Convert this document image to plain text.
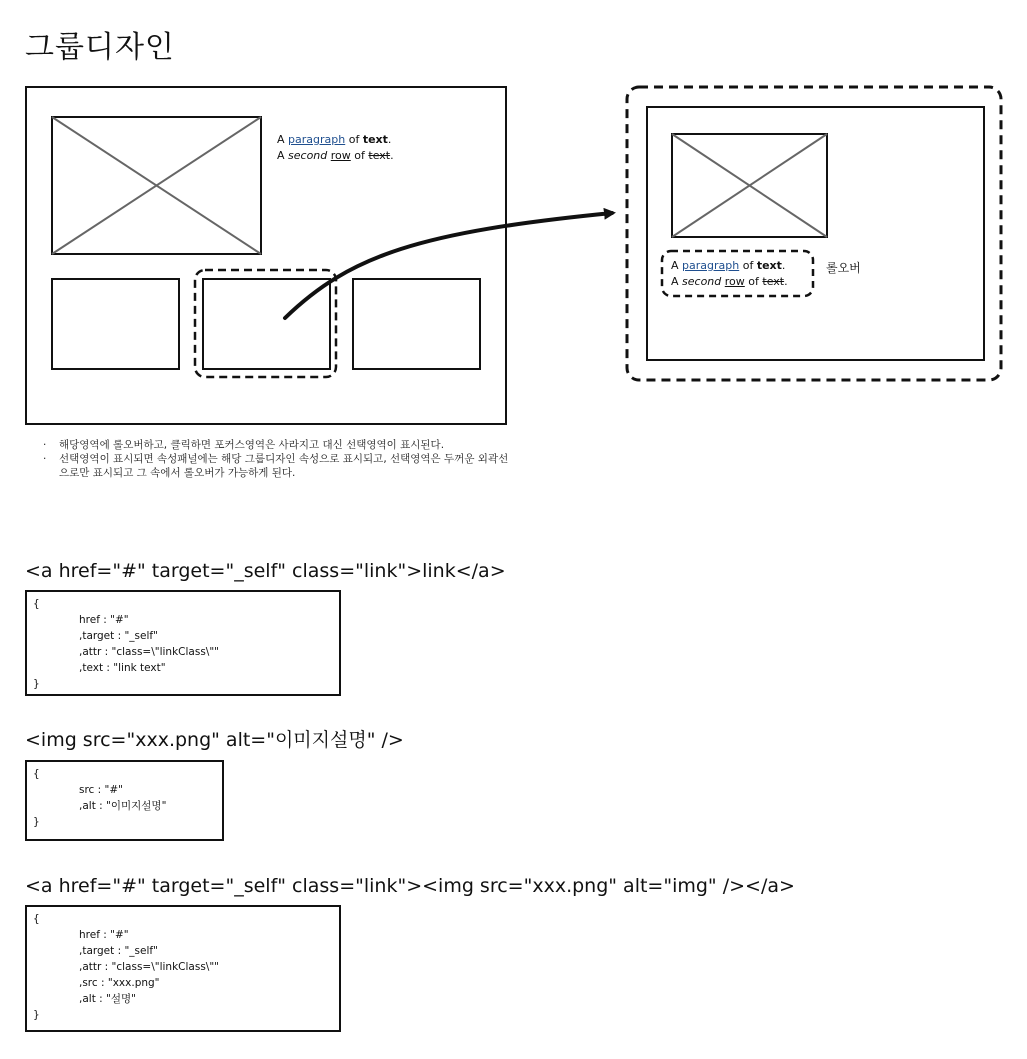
그룹디자인
A paragraph of text.
A second row of text.
A paragraph of text.
A second row of text.
롤오버
· 해당영역에 롤오버하고, 클릭하면 포커스영역은 사라지고 대신 선택영역이 표시된다.
· 선택영역이 표시되면 속성패널에는 해당 그룹디자인 속성으로 표시되고, 선택영역은 두꺼운 외곽선으로만 표시되고 그 속에서 롤오버가 가능하게 된다.
<a href="#" target="_self" class="link">link</a>
{
href : "#"
,target : "_self"
,attr : "class=\"linkClass\""
,text : "link text"
}
<img src="xxx.png" alt="이미지설명" />
{
src : "#"
,alt : "이미지설명"
}
<a href="#" target="_self" class="link"><img src="xxx.png" alt="img" /></a>
{
href : "#"
,target : "_self"
,attr : "class=\"linkClass\""
,src : "xxx.png"
,alt : "설명"
}
